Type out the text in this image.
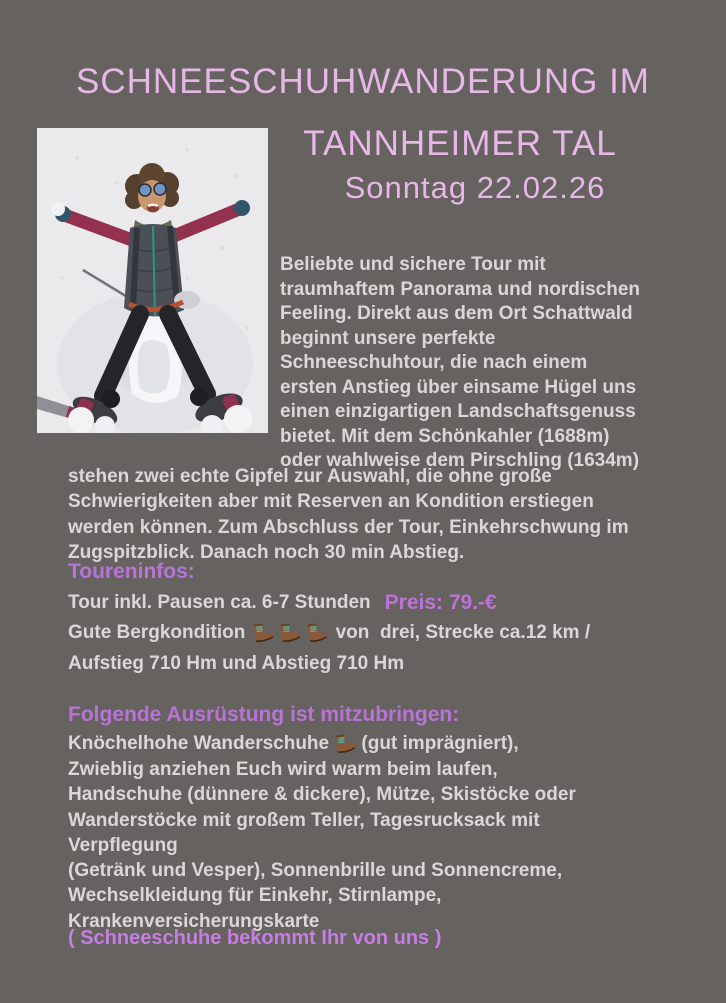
SCHNEESCHUHWANDERUNG IM
TANNHEIMER TAL
Sonntag 22.02.26
Beliebte und sichere Tour mit
traumhaftem Panorama und nordischen
Feeling. Direkt aus dem Ort Schattwald
beginnt unsere perfekte
Schneeschuhtour, die nach einem
ersten Anstieg über einsame Hügel uns
einen einzigartigen Landschaftsgenuss
bietet. Mit dem Schönkahler (1688m)
oder wahlweise dem Pirschling (1634m)
stehen zwei echte Gipfel zur Auswahl, die ohne große
Schwierigkeiten aber mit Reserven an Kondition erstiegen
werden können. Zum Abschluss der Tour, Einkehrschwung im
Zugspitzblick. Danach noch 30 min Abstieg.
Toureninfos:
Tour inkl. Pausen ca. 6-7 Stunden Preis: 79.-€
Gute Bergkondition	von  drei, Strecke ca.12 km /
Aufstieg 710 Hm und Abstieg 710 Hm
Folgende Ausrüstung ist mitzubringen:
Knöchelhohe Wanderschuhe (gut imprägniert),
Zwieblig anziehen Euch wird warm beim laufen,
Handschuhe (dünnere & dickere), Mütze, Skistöcke oder
Wanderstöcke mit großem Teller, Tagesrucksack mit
Verpflegung
(Getränk und Vesper), Sonnenbrille und Sonnencreme,
Wechselkleidung für Einkehr, Stirnlampe,
Krankenversicherungskarte
( Schneeschuhe bekommt Ihr von uns )
